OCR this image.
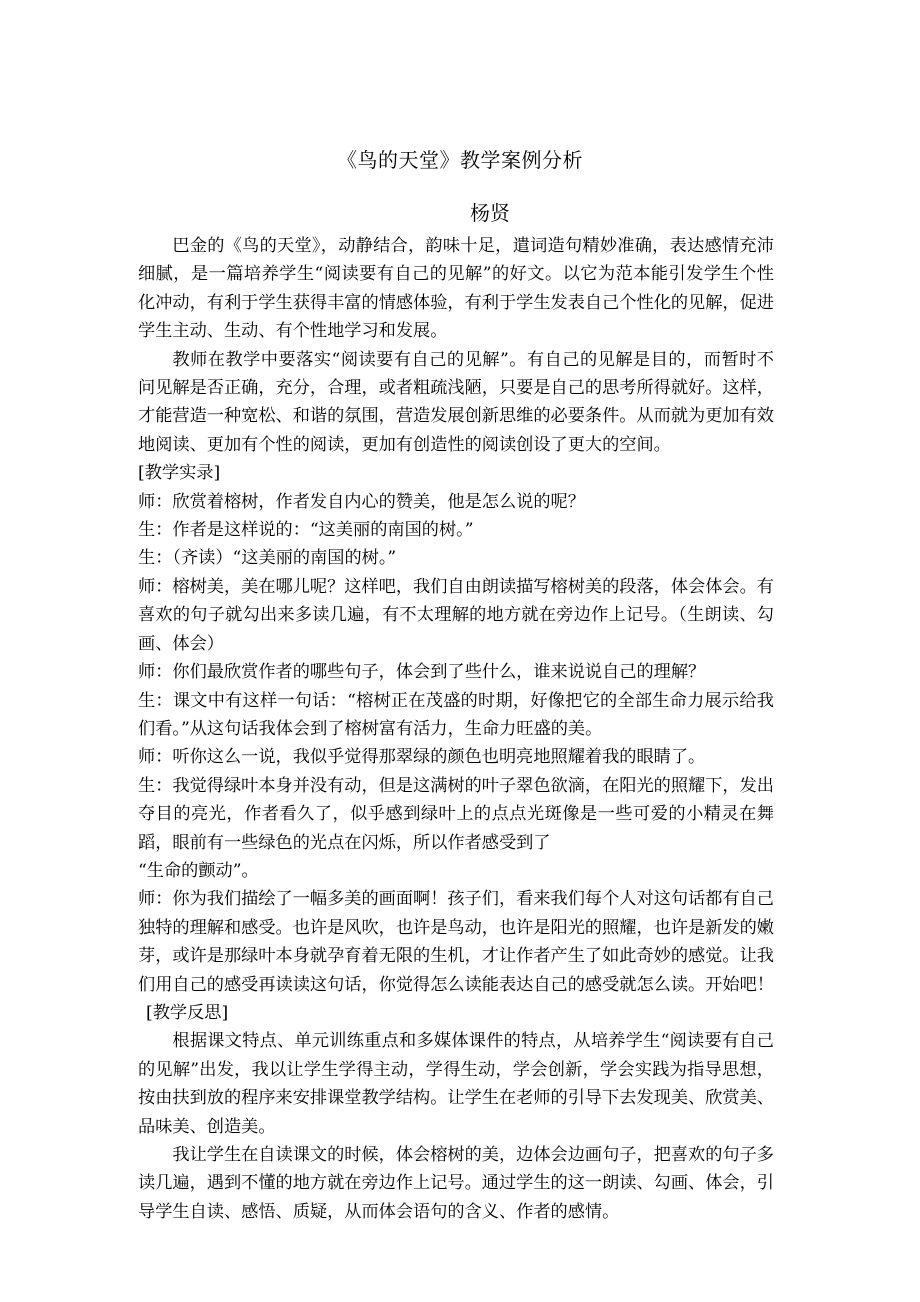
《鸟的天堂》教学案例分析
杨贤

巴金的《鸟的天堂》，动静结合，韵味十足，遣词造句精妙准确，表达感情充沛细腻，是一篇培养学生“阅读要有自己的见解”的好文。以它为范本能引发学生个性化冲动，有利于学生获得丰富的情感体验，有利于学生发表自己个性化的见解，促进学生主动、生动、有个性地学习和发展。

教师在教学中要落实“阅读要有自己的见解”。有自己的见解是目的，而暂时不问见解是否正确，充分，合理，或者粗疏浅陋，只要是自己的思考所得就好。这样，才能营造一种宽松、和谐的氛围，营造发展创新思维的必要条件。从而就为更加有效地阅读、更加有个性的阅读，更加有创造性的阅读创设了更大的空间。

[教学实录]

师：欣赏着榕树，作者发自内心的赞美，他是怎么说的呢？

生：作者是这样说的：“这美丽的南国的树。”

生：（齐读）“这美丽的南国的树。”

师：榕树美，美在哪儿呢？这样吧，我们自由朗读描写榕树美的段落，体会体会。有喜欢的句子就勾出来多读几遍，有不太理解的地方就在旁边作上记号。（生朗读、勾画、体会）

师：你们最欣赏作者的哪些句子，体会到了些什么，谁来说说自己的理解？

生：课文中有这样一句话：“榕树正在茂盛的时期，好像把它的全部生命力展示给我们看。”从这句话我体会到了榕树富有活力，生命力旺盛的美。

师：听你这么一说，我似乎觉得那翠绿的颜色也明亮地照耀着我的眼睛了。

生：我觉得绿叶本身并没有动，但是这满树的叶子翠色欲滴，在阳光的照耀下，发出夺目的亮光，作者看久了，似乎感到绿叶上的点点光斑像是一些可爱的小精灵在舞蹈，眼前有一些绿色的光点在闪烁，所以作者感受到了

“生命的颤动”。

师：你为我们描绘了一幅多美的画面啊！孩子们，看来我们每个人对这句话都有自己独特的理解和感受。也许是风吹，也许是鸟动，也许是阳光的照耀，也许是新发的嫩芽，或许是那绿叶本身就孕育着无限的生机，才让作者产生了如此奇妙的感觉。让我们用自己的感受再读读这句话，你觉得怎么读能表达自己的感受就怎么读。开始吧！

[教学反思]

根据课文特点、单元训练重点和多媒体课件的特点，从培养学生“阅读要有自己的见解”出发，我以让学生学得主动，学得生动，学会创新，学会实践为指导思想，按由扶到放的程序来安排课堂教学结构。让学生在老师的引导下去发现美、欣赏美、品味美、创造美。

我让学生在自读课文的时候，体会榕树的美，边体会边画句子，把喜欢的句子多读几遍，遇到不懂的地方就在旁边作上记号。通过学生的这一朗读、勾画、体会，引导学生自读、感悟、质疑，从而体会语句的含义、作者的感情。
